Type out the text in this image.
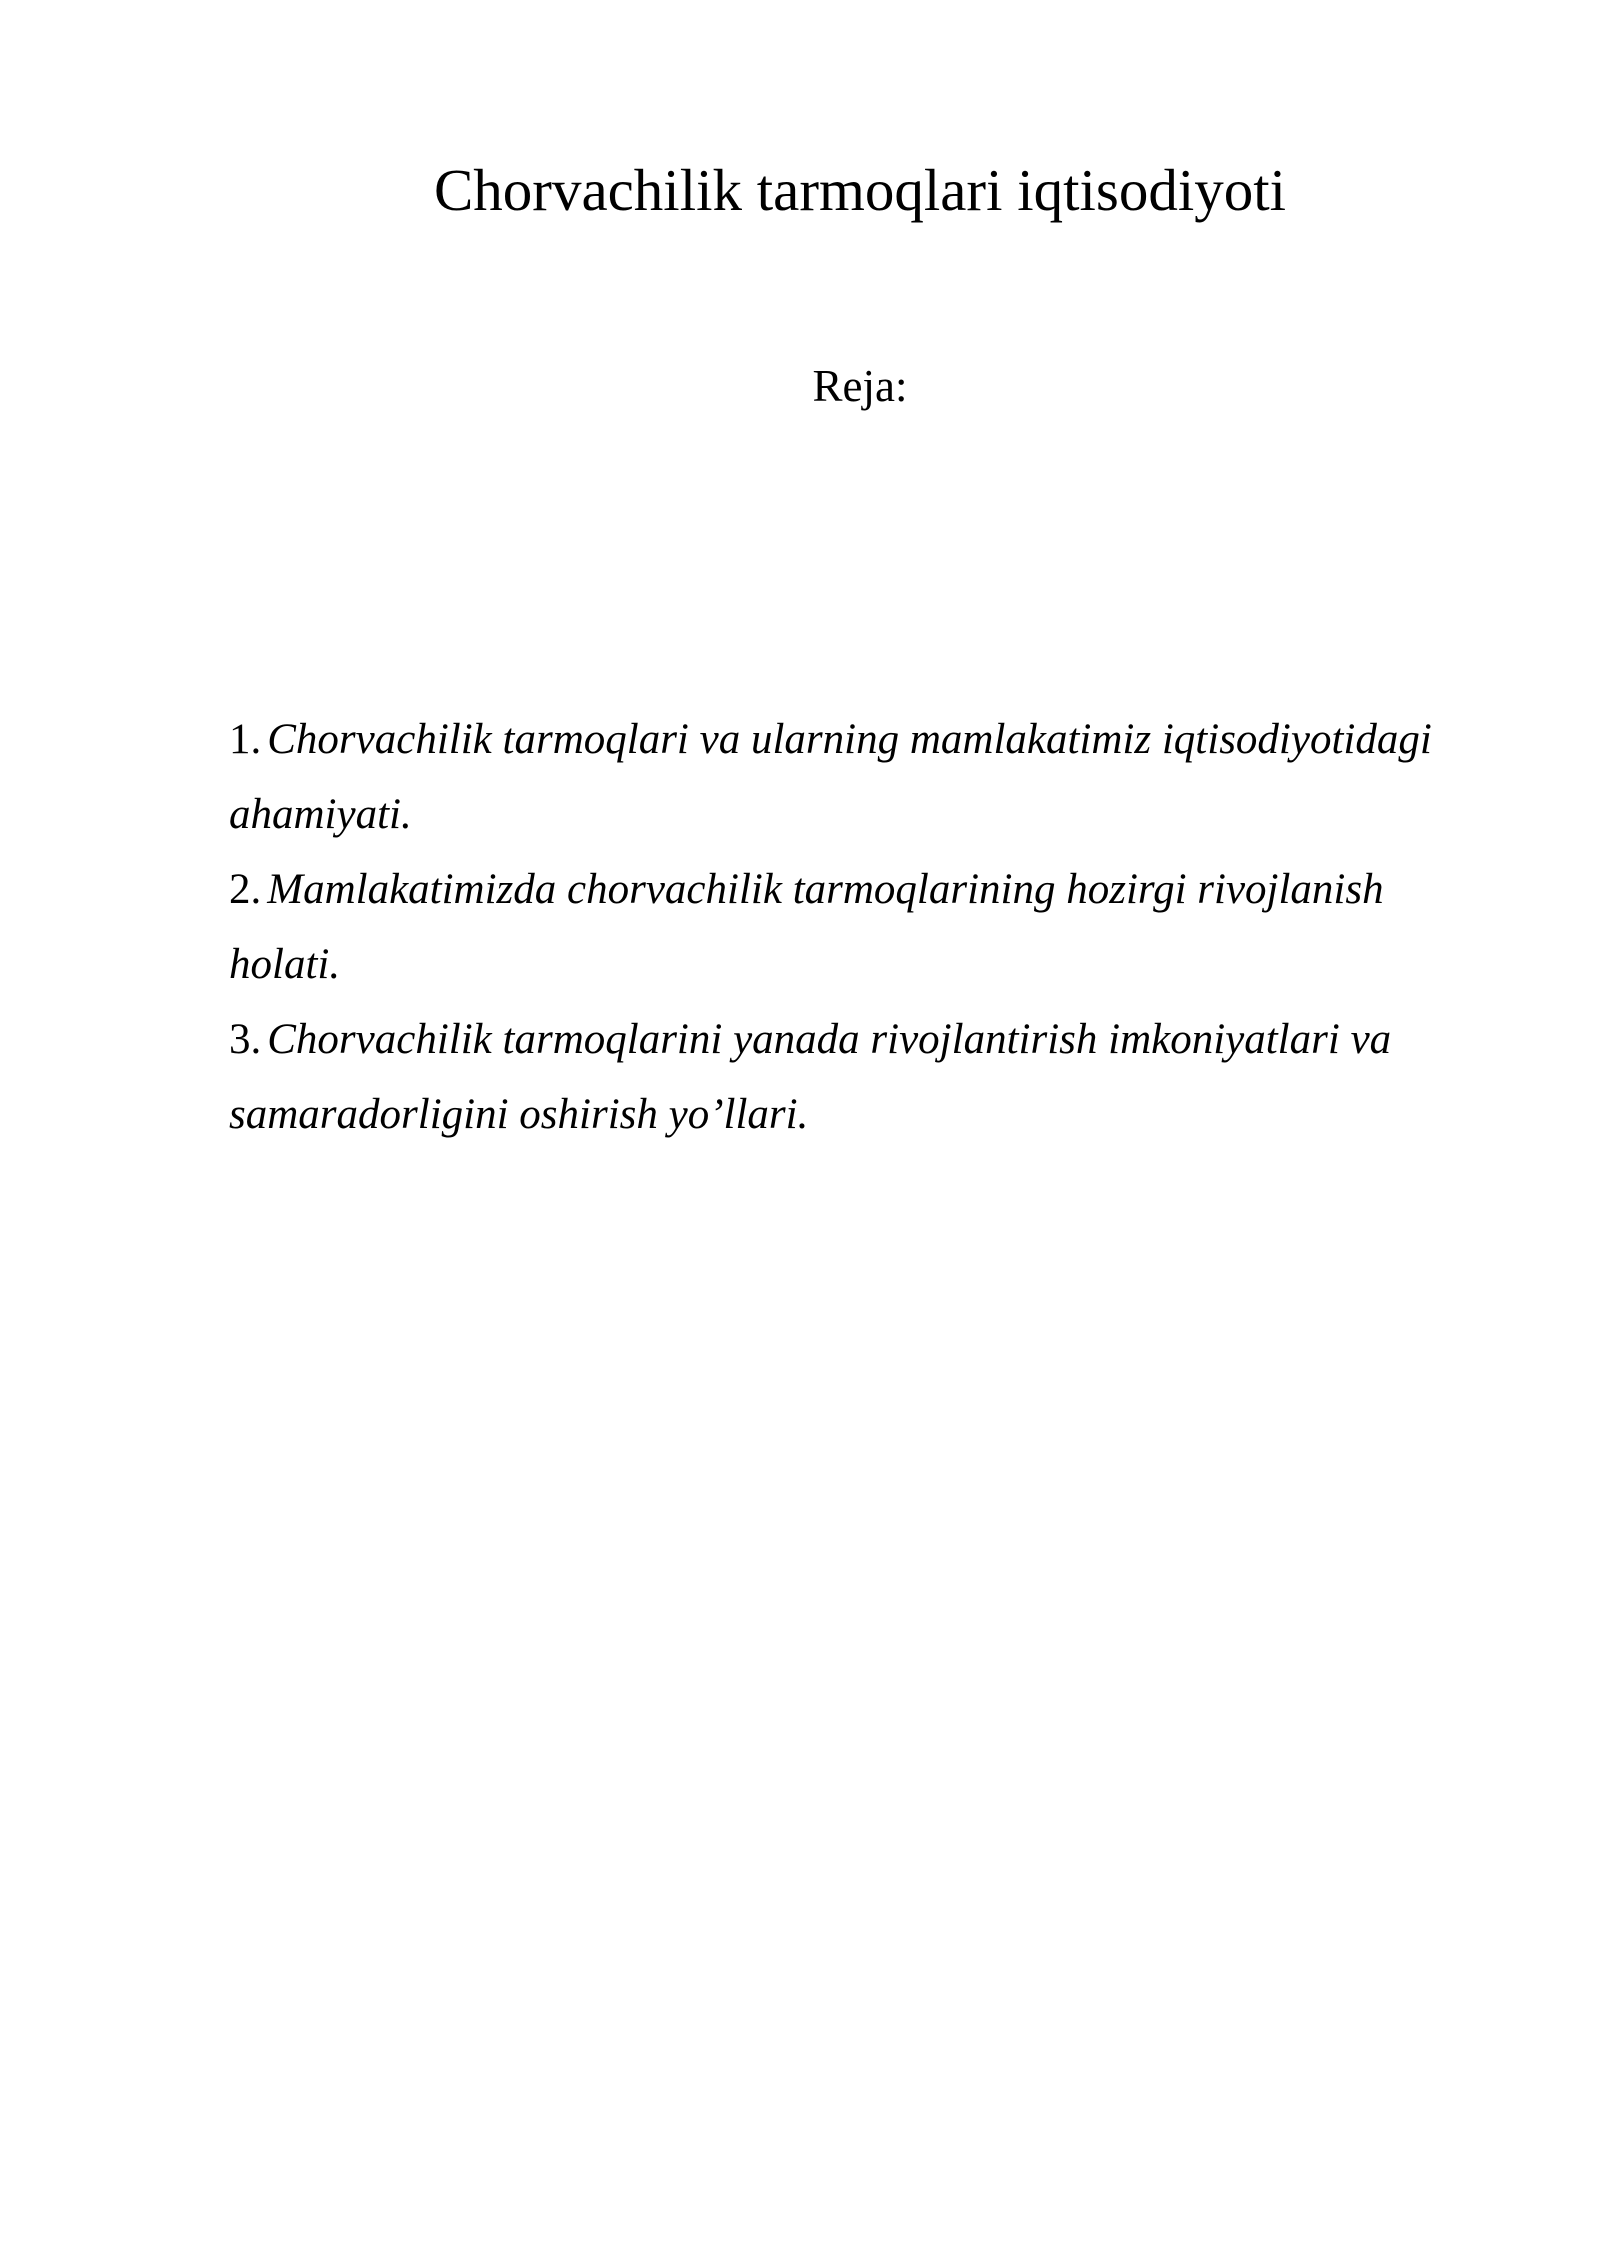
Chorvachilik tarmoqlari iqtisodiyoti
Reja:
1. Chorvachilik tarmoqlari va ularning mamlakatimiz iqtisodiyotidagi ahamiyati.
2. Mamlakatimizda chorvachilik tarmoqlarining hozirgi rivojlanish holati.
3. Chorvachilik tarmoqlarini yanada rivojlantirish imkoniyatlari va samaradorligini oshirish yo’llari.
